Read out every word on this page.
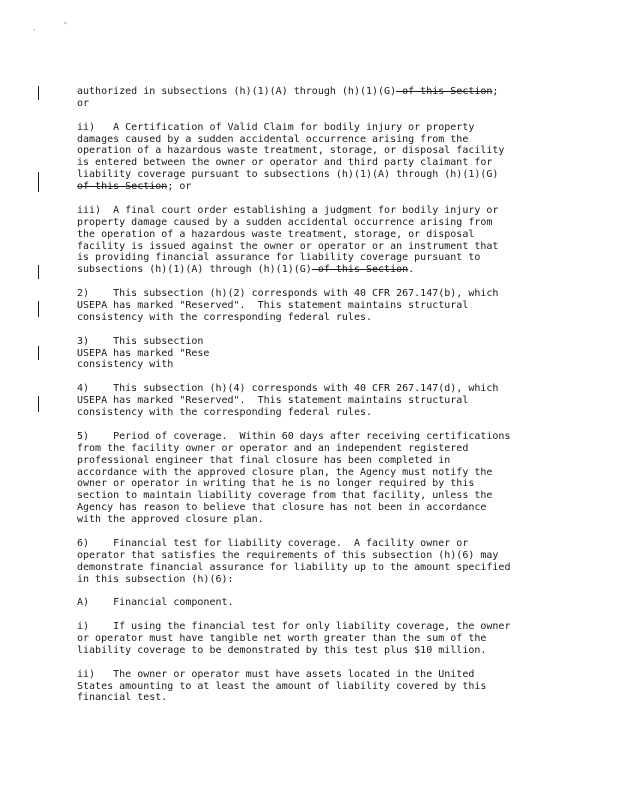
'
"
authorized in subsections (h)(1)(A) through (h)(1)(G) of this Section;
or
ii)   A Certification of Valid Claim for bodily injury or property
damages caused by a sudden accidental occurrence arising from the
operation of a hazardous waste treatment, storage, or disposal facility
is entered between the owner or operator and third party claimant for
liability coverage pursuant to subsections (h)(1)(A) through (h)(1)(G)
of this Section; or
iii)  A final court order establishing a judgment for bodily injury or
property damage caused by a sudden accidental occurrence arising from
the operation of a hazardous waste treatment, storage, or disposal
facility is issued against the owner or operator or an instrument that
is providing financial assurance for liability coverage pursuant to
subsections (h)(1)(A) through (h)(1)(G) of this Section.
2)    This subsection (h)(2) corresponds with 40 CFR 267.147(b), which
USEPA has marked "Reserved".  This statement maintains structural
consistency with the corresponding federal rules.
3)    This subsection
USEPA has marked "Rese
consistency with
4)    This subsection (h)(4) corresponds with 40 CFR 267.147(d), which
USEPA has marked "Reserved".  This statement maintains structural
consistency with the corresponding federal rules.
5)    Period of coverage.  Within 60 days after receiving certifications
from the facility owner or operator and an independent registered
professional engineer that final closure has been completed in
accordance with the approved closure plan, the Agency must notify the
owner or operator in writing that he is no longer required by this
section to maintain liability coverage from that facility, unless the
Agency has reason to believe that closure has not been in accordance
with the approved closure plan.
6)    Financial test for liability coverage.  A facility owner or
operator that satisfies the requirements of this subsection (h)(6) may
demonstrate financial assurance for liability up to the amount specified
in this subsection (h)(6):
A)    Financial component.
i)    If using the financial test for only liability coverage, the owner
or operator must have tangible net worth greater than the sum of the
liability coverage to be demonstrated by this test plus $10 million.
ii)   The owner or operator must have assets located in the United
States amounting to at least the amount of liability covered by this
financial test.
